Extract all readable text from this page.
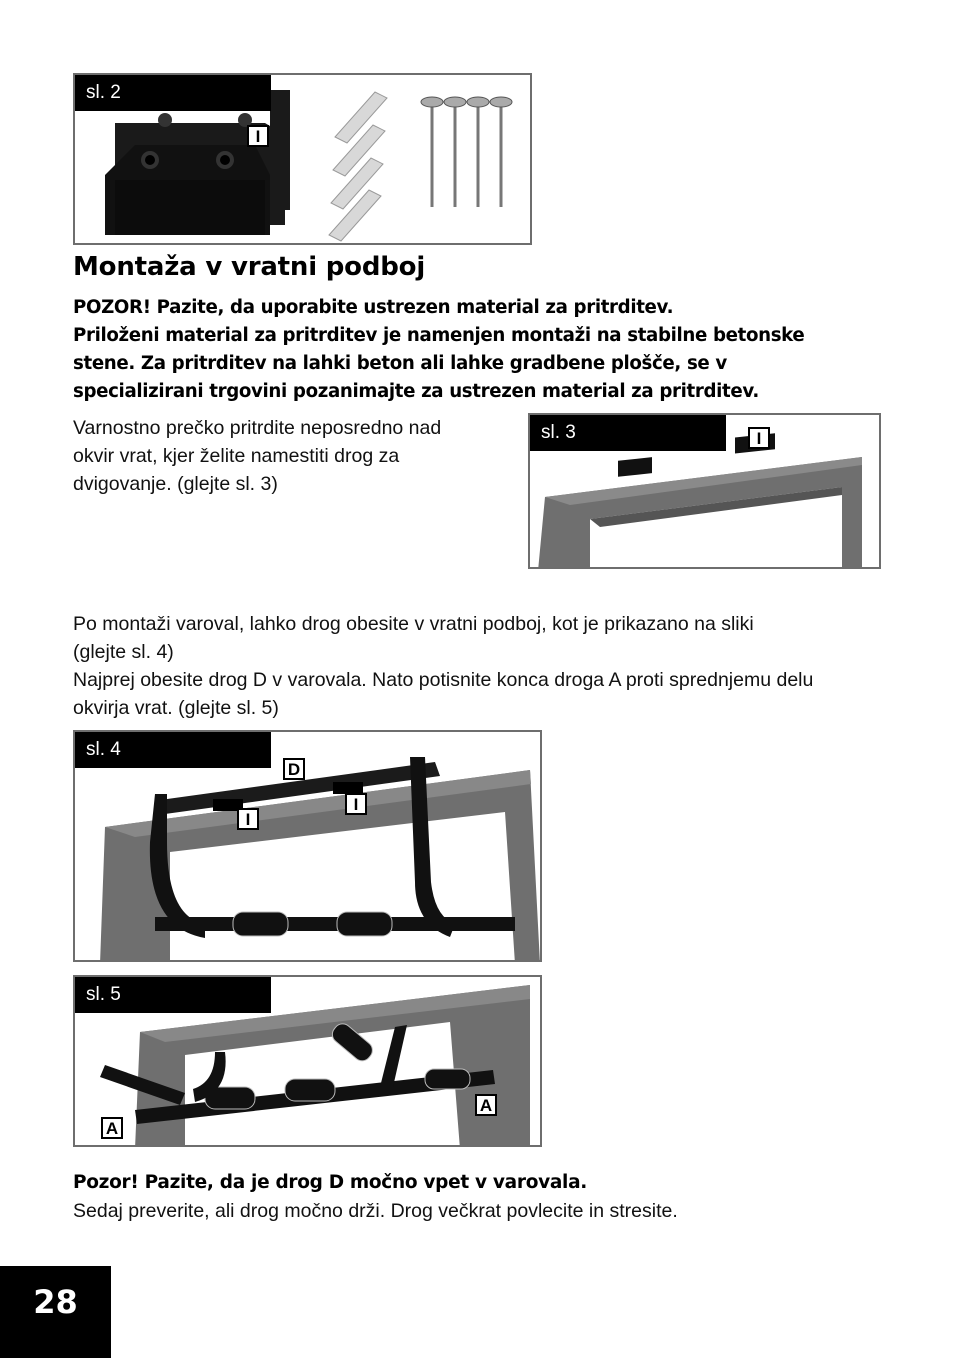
sl. 2
I
Montaža v vratni podboj
POZOR! Pazite, da uporabite ustrezen material za pritrditev.
Priloženi material za pritrditev je namenjen montaži na stabilne betonske
stene. Za pritrditev na lahki beton ali lahke gradbene plošče, se v
specializirani trgovini pozanimajte za ustrezen material za pritrditev.
Varnostno prečko pritrdite neposredno nad
okvir vrat, kjer želite namestiti drog za
dvigovanje. (glejte sl. 3)
sl. 3	I
Po montaži varoval, lahko drog obesite v vratni podboj, kot je prikazano na sliki
(glejte sl. 4)
Najprej obesite drog D v varovala. Nato potisnite konca droga A proti sprednjemu delu
okvirja vrat. (glejte sl. 5)
sl. 4
D
I
I
sl. 5
A
A

Pozor! Pazite, da je drog D močno vpet v varovala.

Sedaj preverite, ali drog močno drži. Drog večkrat povlecite in stresite.
28
